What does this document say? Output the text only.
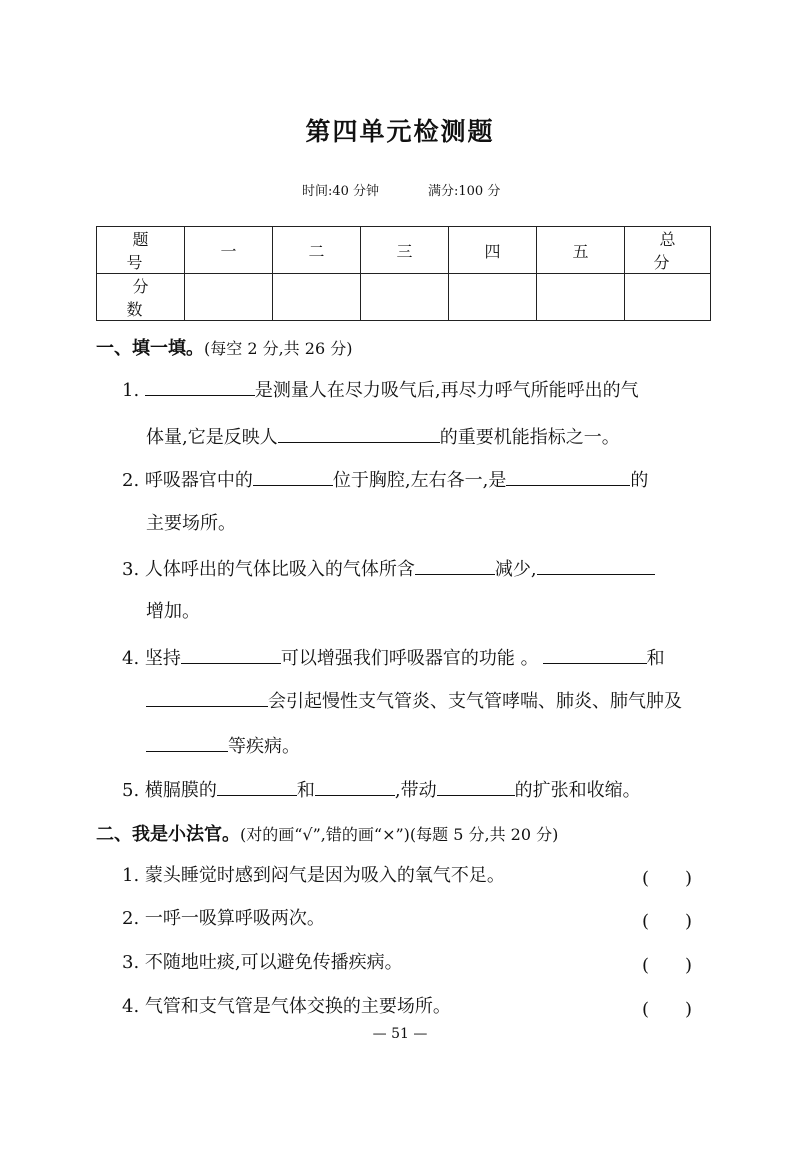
第四单元检测题
时间:40 分钟	满分:100 分
题　号	一	二	三	四	五	总　分
分　数						
一、填一填。(每空 2 分,共 26 分)
1.	是测量人在尽力吸气后,再尽力呼气所能呼出的气
体量,它是反映人	的重要机能指标之一。
2. 呼吸器官中的	位于胸腔,左右各一,是	的
主要场所。
3. 人体呼出的气体比吸入的气体所含	减少,
增加。
4. 坚持	可以增强我们呼吸器官的功能 。	和
会引起慢性支气管炎、支气管哮喘、肺炎、肺气肿及
等疾病。
5. 横膈膜的	和	,带动	的扩张和收缩。
二、我是小法官。(对的画“√”,错的画“×”)(每题 5 分,共 20 分)
1. 蒙头睡觉时感到闷气是因为吸入的氧气不足。	(　　)
2. 一呼一吸算呼吸两次。	(　　)
3. 不随地吐痰,可以避免传播疾病。	(　　)
4. 气管和支气管是气体交换的主要场所。	(　　)
— 51 —
